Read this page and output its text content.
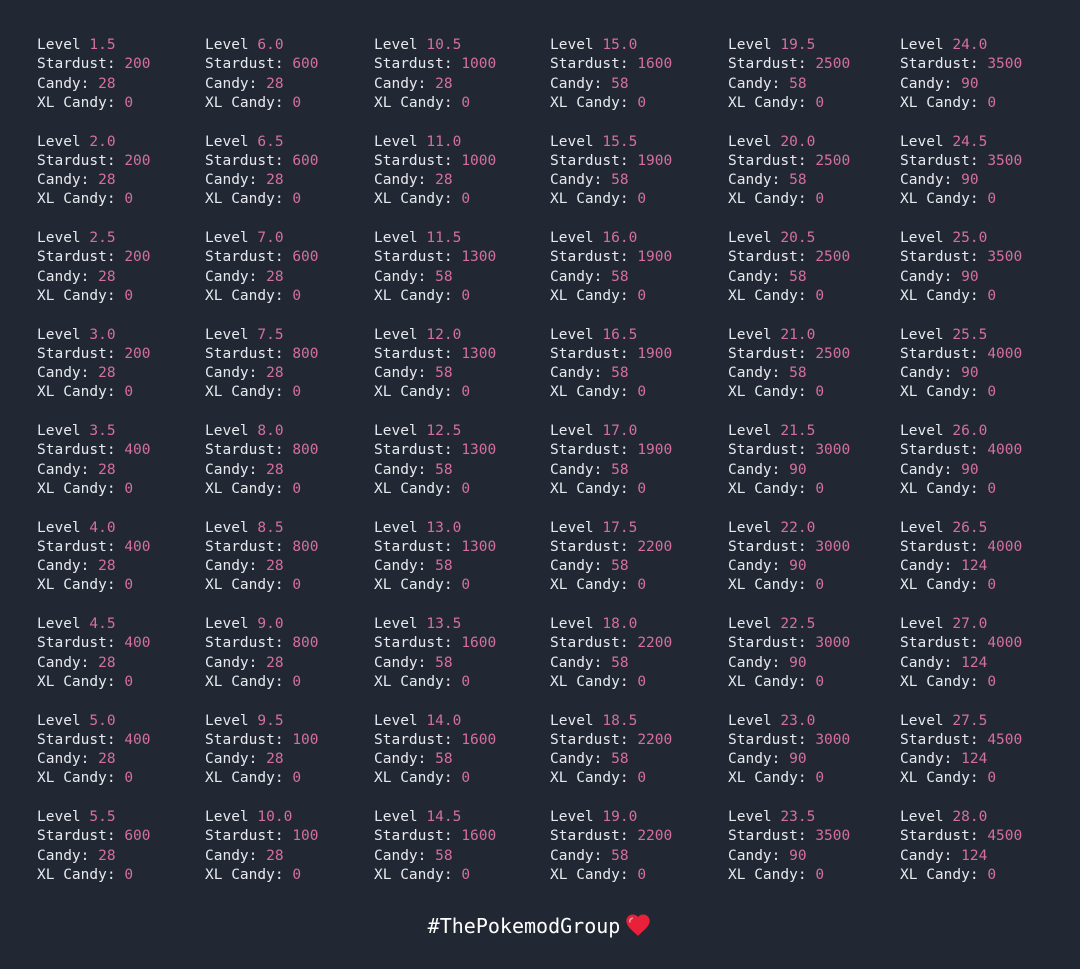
Level 1.5
Stardust: 200
Candy: 28
XL Candy: 0
Level 2.0
Stardust: 200
Candy: 28
XL Candy: 0
Level 2.5
Stardust: 200
Candy: 28
XL Candy: 0
Level 3.0
Stardust: 200
Candy: 28
XL Candy: 0
Level 3.5
Stardust: 400
Candy: 28
XL Candy: 0
Level 4.0
Stardust: 400
Candy: 28
XL Candy: 0
Level 4.5
Stardust: 400
Candy: 28
XL Candy: 0
Level 5.0
Stardust: 400
Candy: 28
XL Candy: 0
Level 5.5
Stardust: 600
Candy: 28
XL Candy: 0
Level 6.0
Stardust: 600
Candy: 28
XL Candy: 0
Level 6.5
Stardust: 600
Candy: 28
XL Candy: 0
Level 7.0
Stardust: 600
Candy: 28
XL Candy: 0
Level 7.5
Stardust: 800
Candy: 28
XL Candy: 0
Level 8.0
Stardust: 800
Candy: 28
XL Candy: 0
Level 8.5
Stardust: 800
Candy: 28
XL Candy: 0
Level 9.0
Stardust: 800
Candy: 28
XL Candy: 0
Level 9.5
Stardust: 100
Candy: 28
XL Candy: 0
Level 10.0
Stardust: 100
Candy: 28
XL Candy: 0
Level 10.5
Stardust: 1000
Candy: 28
XL Candy: 0
Level 11.0
Stardust: 1000
Candy: 28
XL Candy: 0
Level 11.5
Stardust: 1300
Candy: 58
XL Candy: 0
Level 12.0
Stardust: 1300
Candy: 58
XL Candy: 0
Level 12.5
Stardust: 1300
Candy: 58
XL Candy: 0
Level 13.0
Stardust: 1300
Candy: 58
XL Candy: 0
Level 13.5
Stardust: 1600
Candy: 58
XL Candy: 0
Level 14.0
Stardust: 1600
Candy: 58
XL Candy: 0
Level 14.5
Stardust: 1600
Candy: 58
XL Candy: 0
Level 15.0
Stardust: 1600
Candy: 58
XL Candy: 0
Level 15.5
Stardust: 1900
Candy: 58
XL Candy: 0
Level 16.0
Stardust: 1900
Candy: 58
XL Candy: 0
Level 16.5
Stardust: 1900
Candy: 58
XL Candy: 0
Level 17.0
Stardust: 1900
Candy: 58
XL Candy: 0
Level 17.5
Stardust: 2200
Candy: 58
XL Candy: 0
Level 18.0
Stardust: 2200
Candy: 58
XL Candy: 0
Level 18.5
Stardust: 2200
Candy: 58
XL Candy: 0
Level 19.0
Stardust: 2200
Candy: 58
XL Candy: 0
Level 19.5
Stardust: 2500
Candy: 58
XL Candy: 0
Level 20.0
Stardust: 2500
Candy: 58
XL Candy: 0
Level 20.5
Stardust: 2500
Candy: 58
XL Candy: 0
Level 21.0
Stardust: 2500
Candy: 58
XL Candy: 0
Level 21.5
Stardust: 3000
Candy: 90
XL Candy: 0
Level 22.0
Stardust: 3000
Candy: 90
XL Candy: 0
Level 22.5
Stardust: 3000
Candy: 90
XL Candy: 0
Level 23.0
Stardust: 3000
Candy: 90
XL Candy: 0
Level 23.5
Stardust: 3500
Candy: 90
XL Candy: 0
Level 24.0
Stardust: 3500
Candy: 90
XL Candy: 0
Level 24.5
Stardust: 3500
Candy: 90
XL Candy: 0
Level 25.0
Stardust: 3500
Candy: 90
XL Candy: 0
Level 25.5
Stardust: 4000
Candy: 90
XL Candy: 0
Level 26.0
Stardust: 4000
Candy: 90
XL Candy: 0
Level 26.5
Stardust: 4000
Candy: 124
XL Candy: 0
Level 27.0
Stardust: 4000
Candy: 124
XL Candy: 0
Level 27.5
Stardust: 4500
Candy: 124
XL Candy: 0
Level 28.0
Stardust: 4500
Candy: 124
XL Candy: 0
#ThePokemodGroup
